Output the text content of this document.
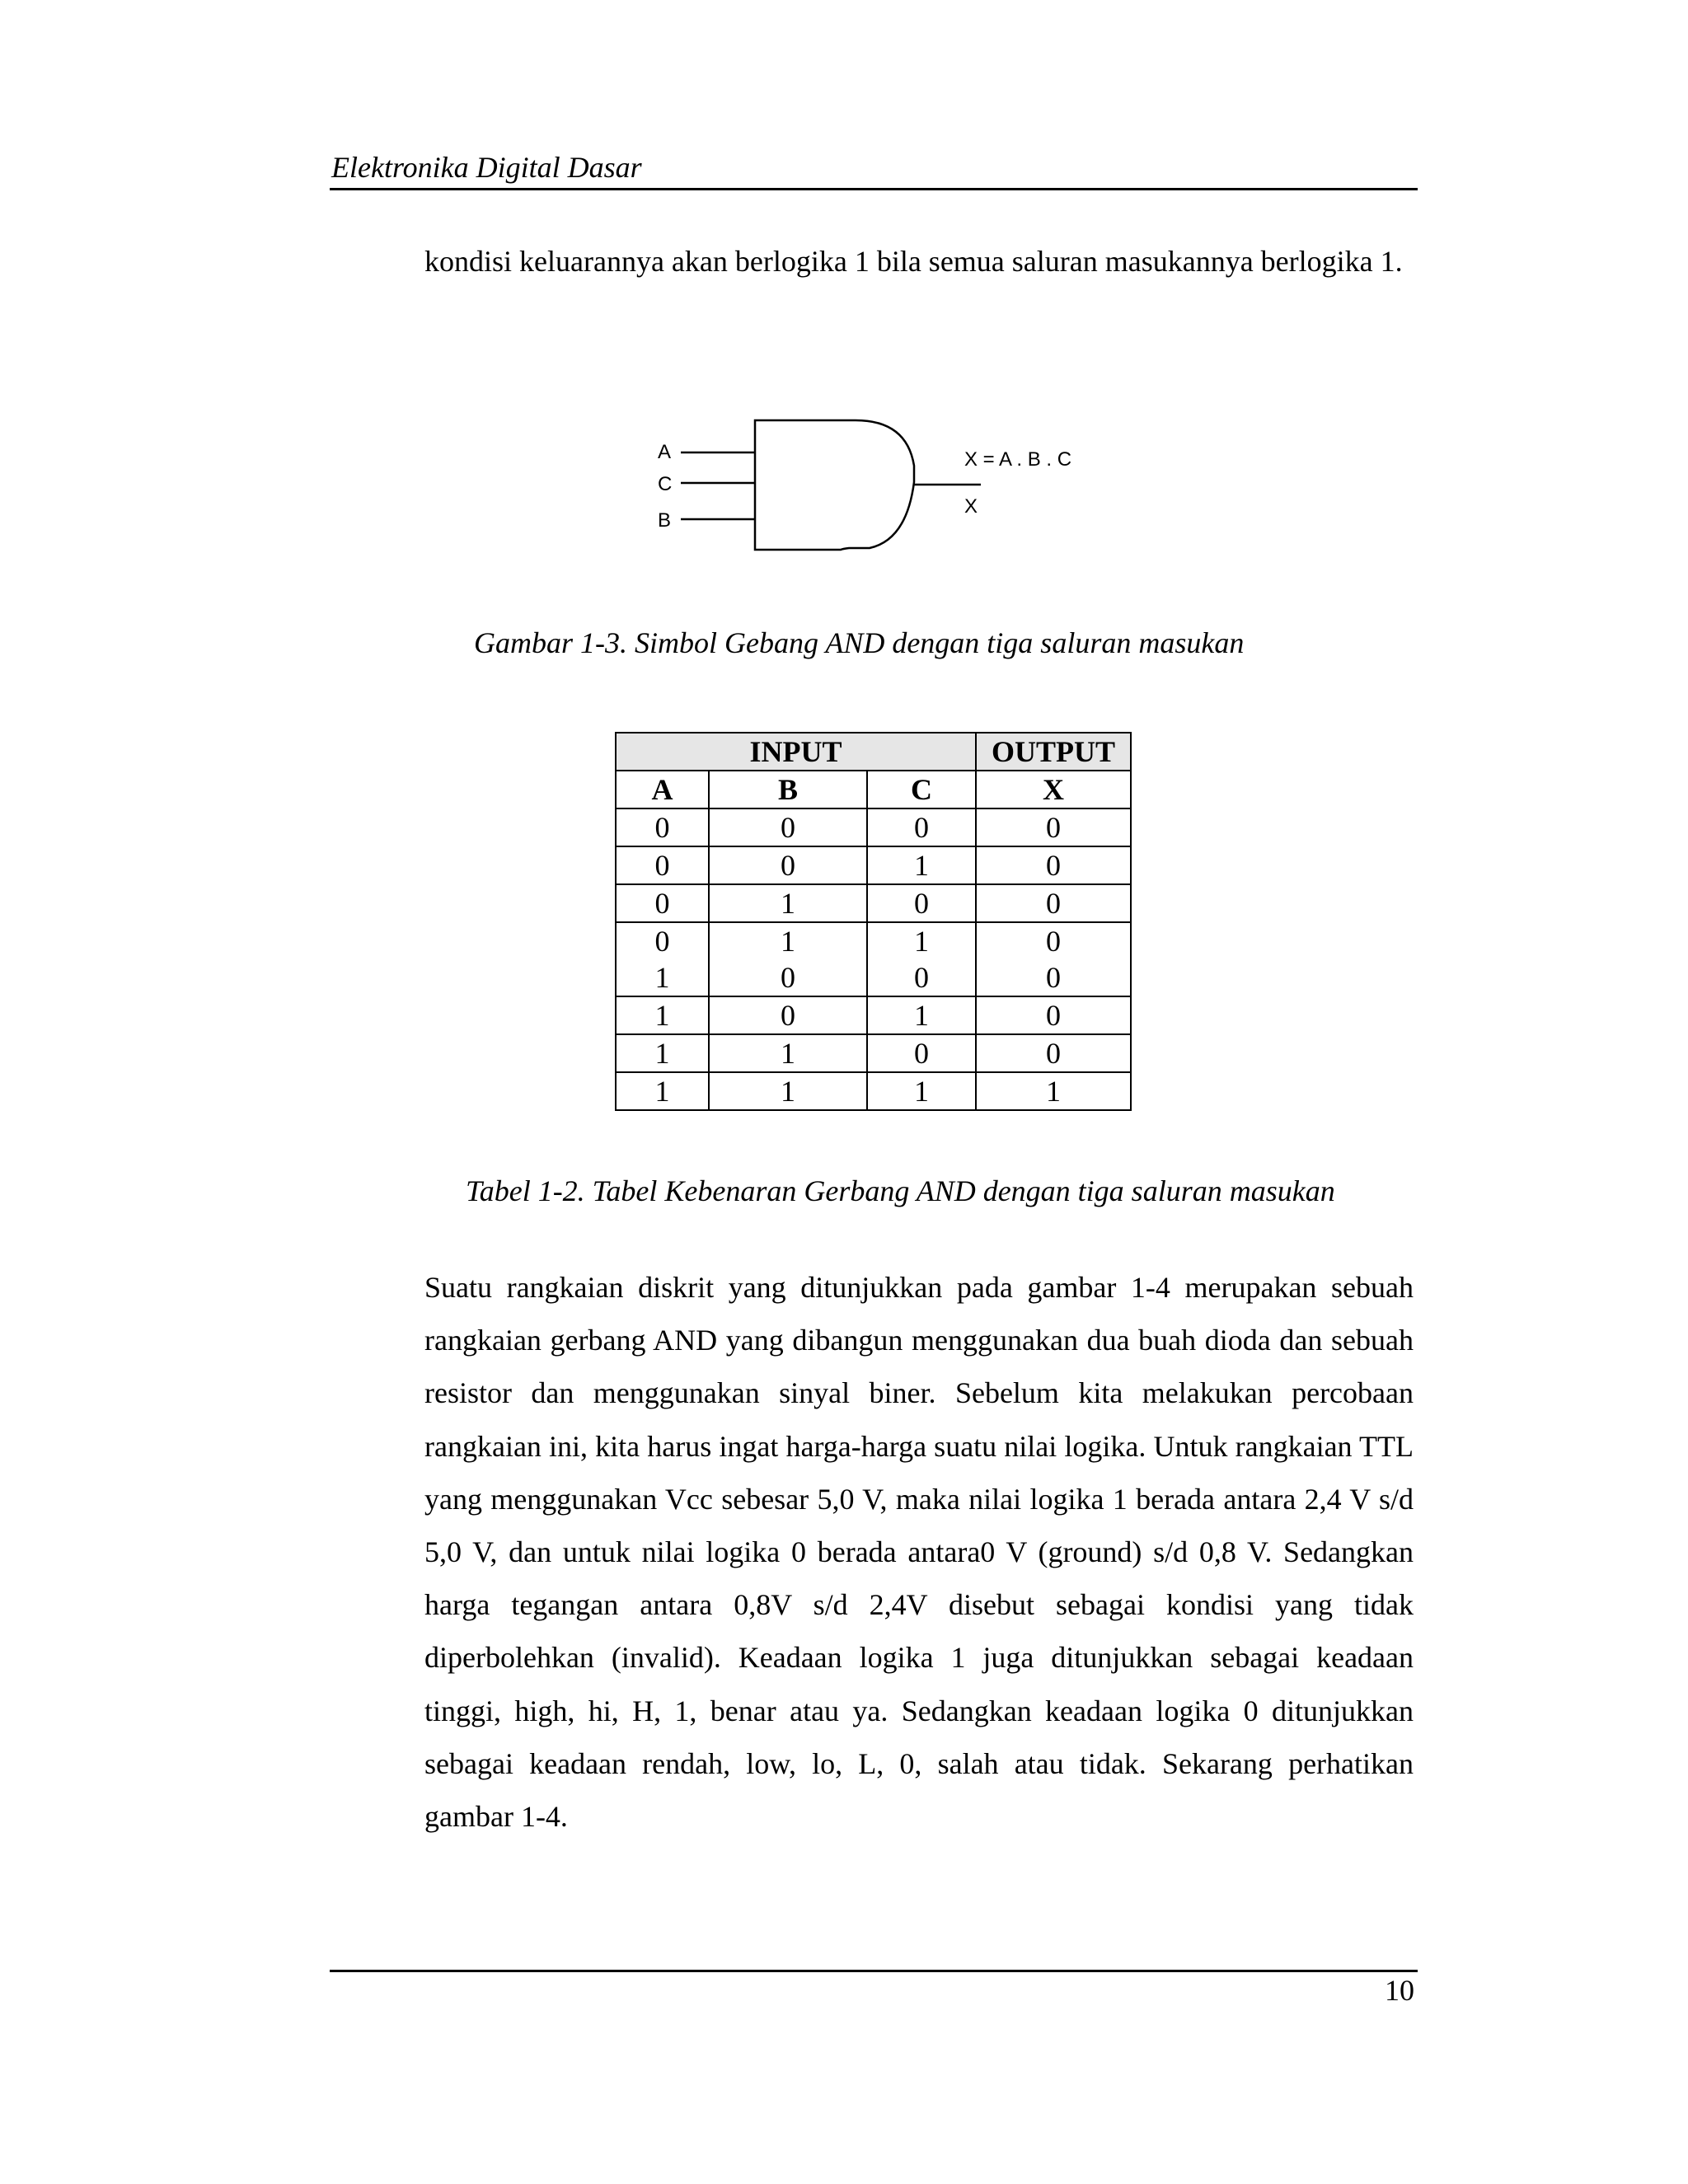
Elektronika Digital Dasar

kondisi keluarannya akan berlogika 1 bila semua saluran masukannya berlogika 1.

A
C
B
X = A . B . C
X
Gambar 1-3. Simbol Gebang AND dengan tiga saluran masukan
INPUT			OUTPUT
A	B	C	X
0	0	0	0
0	0	1	0
0	1	0	0
0	1	1	0
1	0	0	0
1	0	1	0
1	1	0	0
1	1	1	1
Tabel 1-2. Tabel Kebenaran Gerbang AND dengan tiga saluran masukan

Suatu rangkaian diskrit yang ditunjukkan pada gambar 1-4 merupakan sebuah rangkaian gerbang AND yang dibangun menggunakan dua buah dioda dan sebuah resistor dan menggunakan sinyal biner. Sebelum kita melakukan percobaan rangkaian ini, kita harus ingat harga-harga suatu nilai logika. Untuk rangkaian TTL yang menggunakan Vcc sebesar 5,0 V, maka nilai logika 1 berada antara 2,4 V s/d 5,0 V, dan untuk nilai logika 0 berada antara0 V (ground) s/d 0,8 V. Sedangkan harga tegangan antara 0,8V s/d 2,4V disebut sebagai kondisi yang tidak diperbolehkan (invalid). Keadaan logika 1 juga ditunjukkan sebagai keadaan tinggi, high, hi, H, 1, benar atau ya. Sedangkan keadaan logika 0 ditunjukkan sebagai keadaan rendah, low, lo, L, 0, salah atau tidak. Sekarang perhatikan gambar 1-4.

10
